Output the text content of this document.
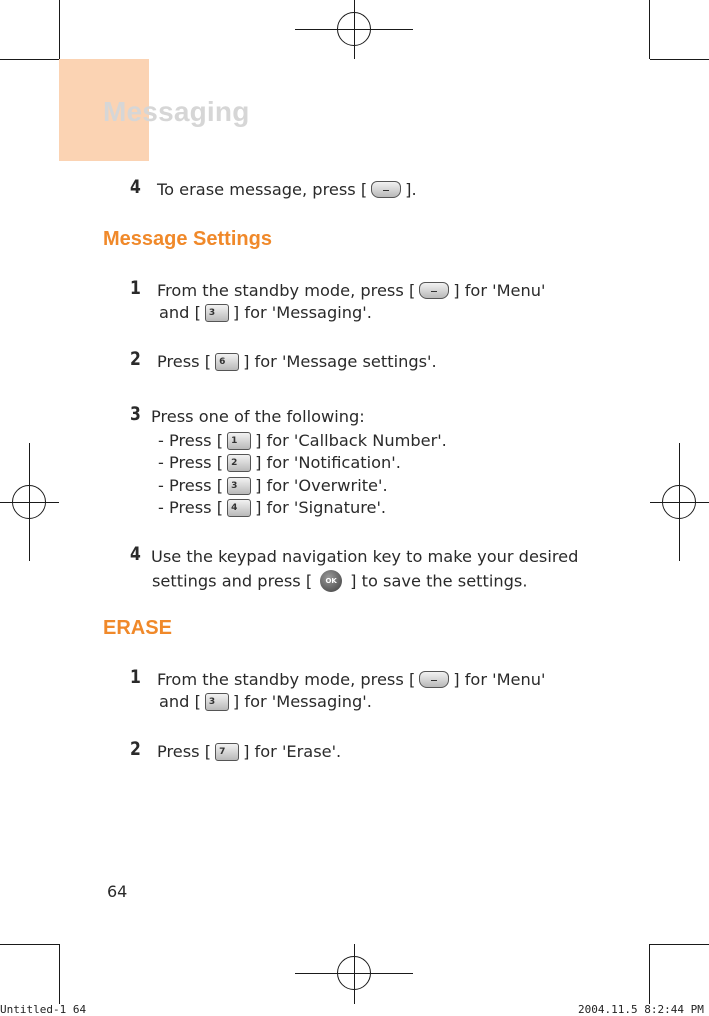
Messaging
4 To erase message, press [ ].
Message Settings
1 From the standby mode, press [ ] for 'Menu'
and [ 3 ] for 'Messaging'.
2 Press [ 6 ] for 'Message settings'.
3 Press one of the following:
- Press [ 1 ] for 'Callback Number'.
- Press [ 2 ] for 'Notification'.
- Press [ 3 ] for 'Overwrite'.
- Press [ 4 ] for 'Signature'.
4 Use the keypad navigation key to make your desired
settings and press [ OK ] to save the settings.
ERASE
1 From the standby mode, press [ ] for 'Menu'
and [ 3 ] for 'Messaging'.
2 Press [ 7 ] for 'Erase'.
64
Untitled-1 64	2004.11.5 8:2:44 PM
